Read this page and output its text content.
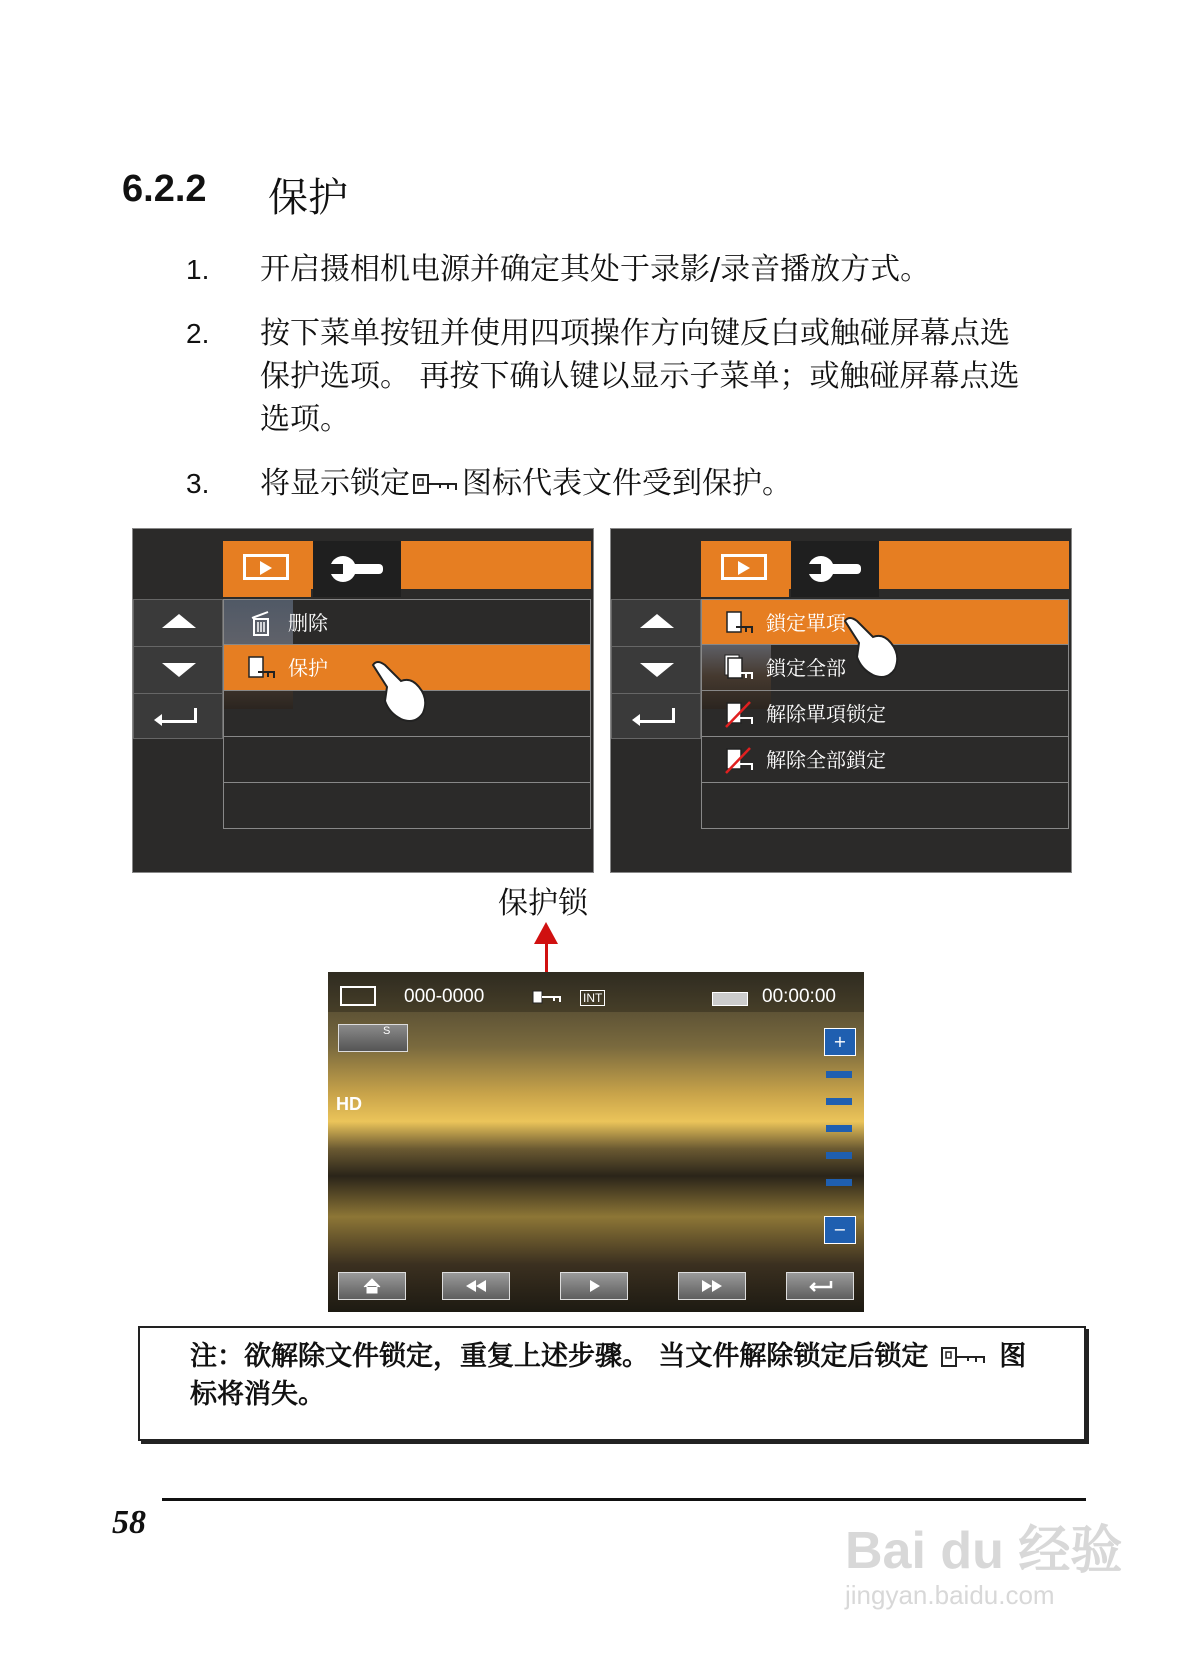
6.2.2 保护
1. 开启摄相机电源并确定其处于录影/录音播放方式。
2. 按下菜单按钮并使用四项操作方向键反白或触碰屏幕点选
保护选项。 再按下确认键以显示子菜单；或触碰屏幕点选
选项。
3. 将显示锁定 图标代表文件受到保护。
删除
保护
鎖定單項
鎖定全部
解除單項锁定
解除全部鎖定
保护锁
000-0000	INT	00:00:00
S
HD
+
−
注：欲解除文件锁定，重复上述步骤。 当文件解除锁定后锁定	图
标将消失。
58	Bai du 经验
jingyan.baidu.com
